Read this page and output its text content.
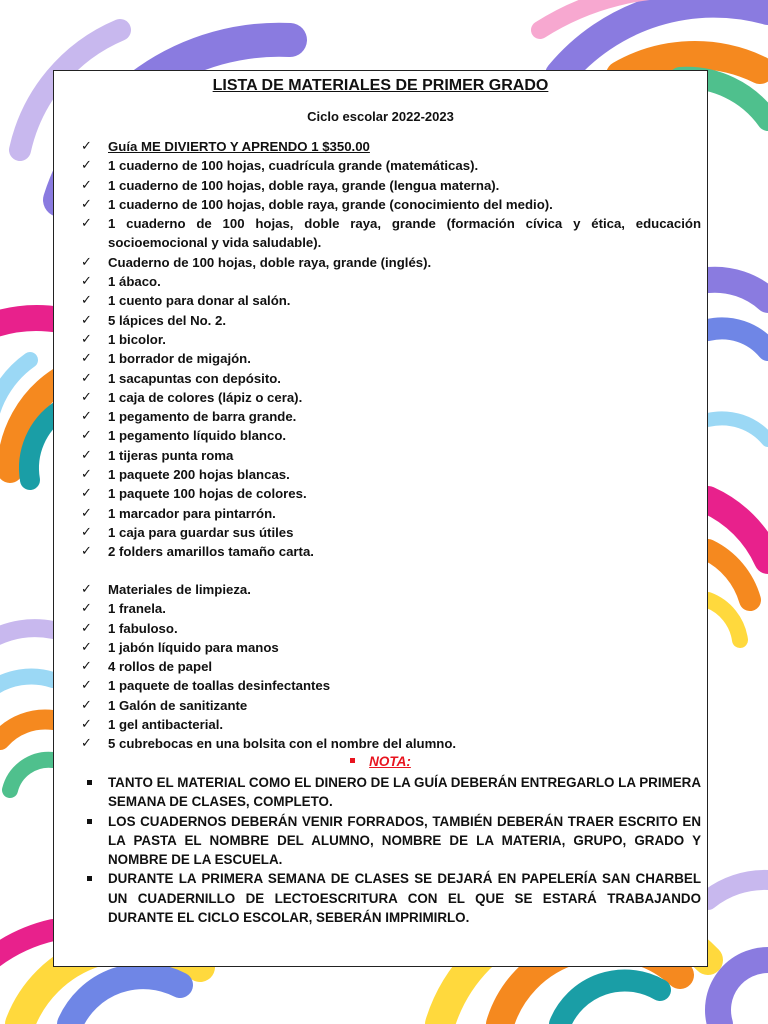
LISTA DE MATERIALES DE PRIMER GRADO
Ciclo escolar 2022-2023
✓ Guía ME DIVIERTO Y APRENDO 1 $350.00
✓ 1 cuaderno de 100 hojas, cuadrícula grande (matemáticas).
✓ 1 cuaderno de 100 hojas, doble raya, grande (lengua materna).
✓ 1 cuaderno de 100 hojas, doble raya, grande (conocimiento del medio).
✓ 1 cuaderno de 100 hojas, doble raya, grande (formación cívica y ética, educación socioemocional y vida saludable).
✓ Cuaderno de 100 hojas, doble raya, grande (inglés).
✓ 1 ábaco.
✓ 1 cuento para donar al salón.
✓ 5 lápices del No. 2.
✓ 1 bicolor.
✓ 1 borrador de migajón.
✓ 1 sacapuntas con depósito.
✓ 1 caja de colores (lápiz o cera).
✓ 1 pegamento de barra grande.
✓ 1 pegamento líquido blanco.
✓ 1 tijeras punta roma
✓ 1 paquete 200 hojas blancas.
✓ 1 paquete 100 hojas de colores.
✓ 1 marcador para pintarrón.
✓ 1 caja para guardar sus útiles
✓ 2 folders amarillos tamaño carta.
✓ Materiales de limpieza.
✓ 1 franela.
✓ 1 fabuloso.
✓ 1 jabón líquido para manos
✓ 4 rollos de papel
✓ 1 paquete de toallas desinfectantes
✓ 1 Galón de sanitizante
✓ 1 gel antibacterial.
✓ 5 cubrebocas en una bolsita con el nombre del alumno.
NOTA:
TANTO EL MATERIAL COMO EL DINERO DE LA GUÍA DEBERÁN ENTREGARLO LA PRIMERA SEMANA DE CLASES, COMPLETO.
LOS CUADERNOS DEBERÁN VENIR FORRADOS, TAMBIÉN DEBERÁN TRAER ESCRITO EN LA PASTA EL NOMBRE DEL ALUMNO, NOMBRE DE LA MATERIA, GRUPO, GRADO Y NOMBRE DE LA ESCUELA.
DURANTE LA PRIMERA SEMANA DE CLASES SE DEJARÁ EN PAPELERÍA SAN CHARBEL UN CUADERNILLO DE LECTOESCRITURA CON EL QUE SE ESTARÁ TRABAJANDO DURANTE EL CICLO ESCOLAR, SEBERÁN IMPRIMIRLO.
